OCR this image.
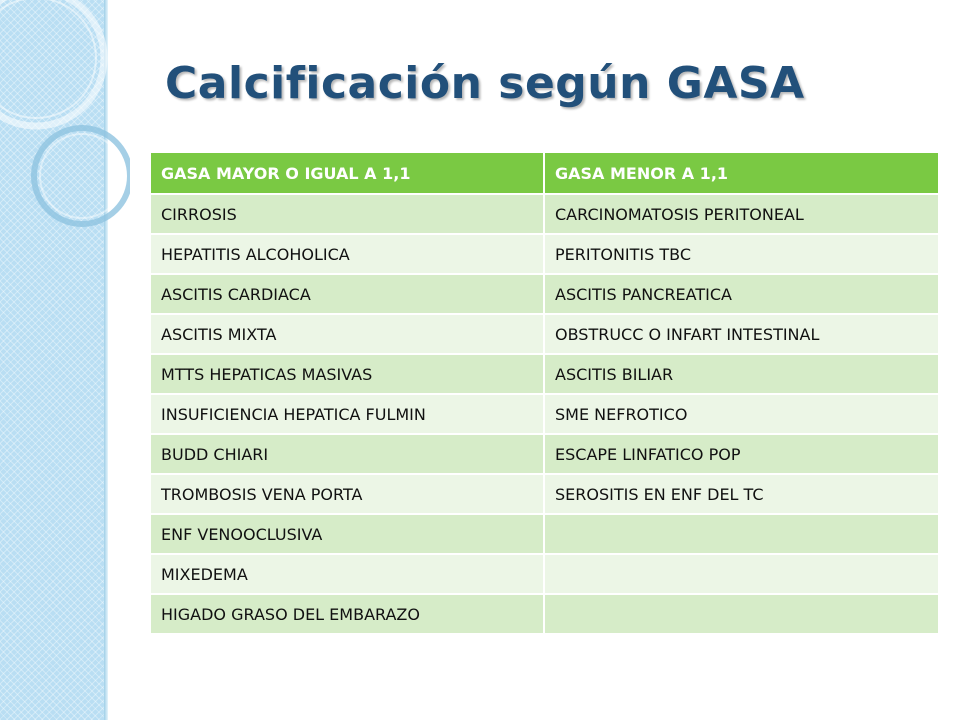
Calcificación según GASA
GASA MAYOR O IGUAL A 1,1	GASA MENOR A 1,1
CIRROSIS	CARCINOMATOSIS PERITONEAL
HEPATITIS ALCOHOLICA	PERITONITIS TBC
ASCITIS CARDIACA	ASCITIS PANCREATICA
ASCITIS MIXTA	OBSTRUCC O INFART INTESTINAL
MTTS HEPATICAS MASIVAS	ASCITIS BILIAR
INSUFICIENCIA HEPATICA FULMIN	SME NEFROTICO
BUDD CHIARI	ESCAPE LINFATICO POP
TROMBOSIS VENA PORTA	SEROSITIS EN ENF DEL TC
ENF VENOOCLUSIVA	
MIXEDEMA	
HIGADO GRASO DEL EMBARAZO	
